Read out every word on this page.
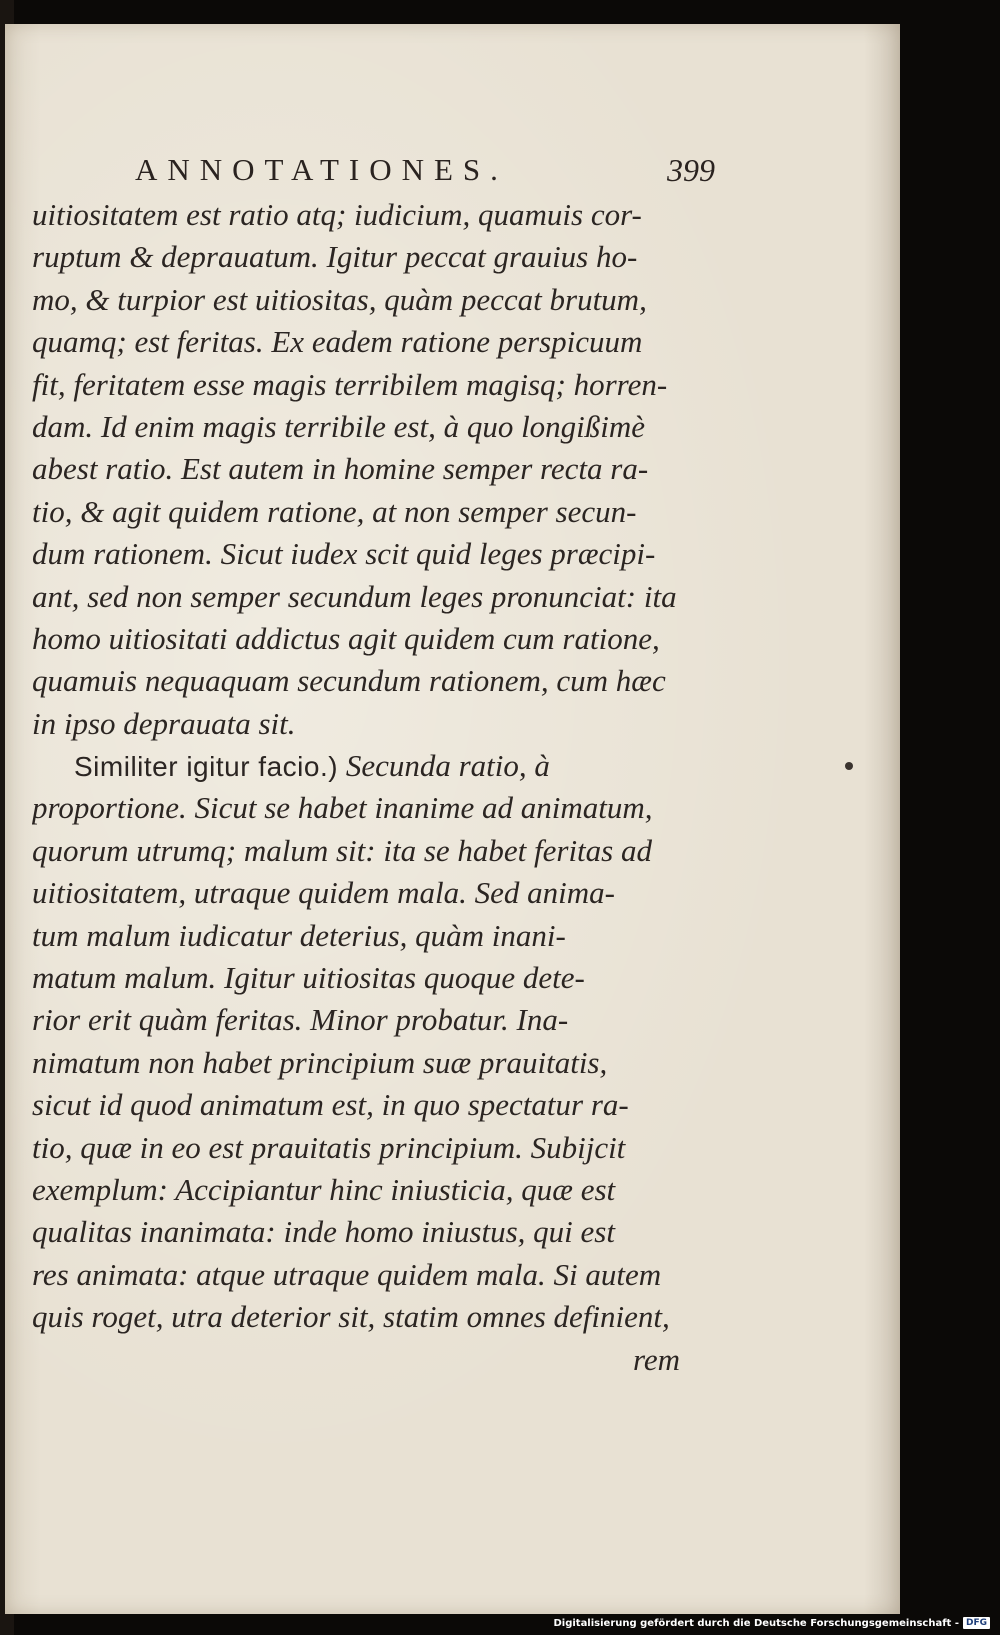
ANNOTATIONES.	399
uitiositatem est ratio atq; iudicium, quamuis cor-
ruptum & deprauatum. Igitur peccat grauius ho-
mo, & turpior est uitiositas, quàm peccat brutum,
quamq; est feritas. Ex eadem ratione perspicuum
fit, feritatem esse magis terribilem magisq; horren-
dam. Id enim magis terribile est, à quo longißimè
abest ratio. Est autem in homine semper recta ra-
tio, & agit quidem ratione, at non semper secun-
dum rationem. Sicut iudex scit quid leges præcipi-
ant, sed non semper secundum leges pronunciat: ita
homo uitiositati addictus agit quidem cum ratione,
quamuis nequaquam secundum rationem, cum hæc
in ipso deprauata sit.
Similiter igitur facio.) Secunda ratio, à
proportione. Sicut se habet inanime ad animatum,
quorum utrumq; malum sit: ita se habet feritas ad
uitiositatem, utraque quidem mala. Sed anima-
tum malum iudicatur deterius, quàm inani-
matum malum. Igitur uitiositas quoque dete-
rior erit quàm feritas. Minor probatur. Ina-
nimatum non habet principium suæ prauitatis,
sicut id quod animatum est, in quo spectatur ra-
tio, quæ in eo est prauitatis principium. Subijcit
exemplum: Accipiantur hinc iniusticia, quæ est
qualitas inanimata: inde homo iniustus, qui est
res animata: atque utraque quidem mala. Si autem
quis roget, utra deterior sit, statim omnes definient,
rem
Digitalisierung gefördert durch die Deutsche Forschungsgemeinschaft - DFG
